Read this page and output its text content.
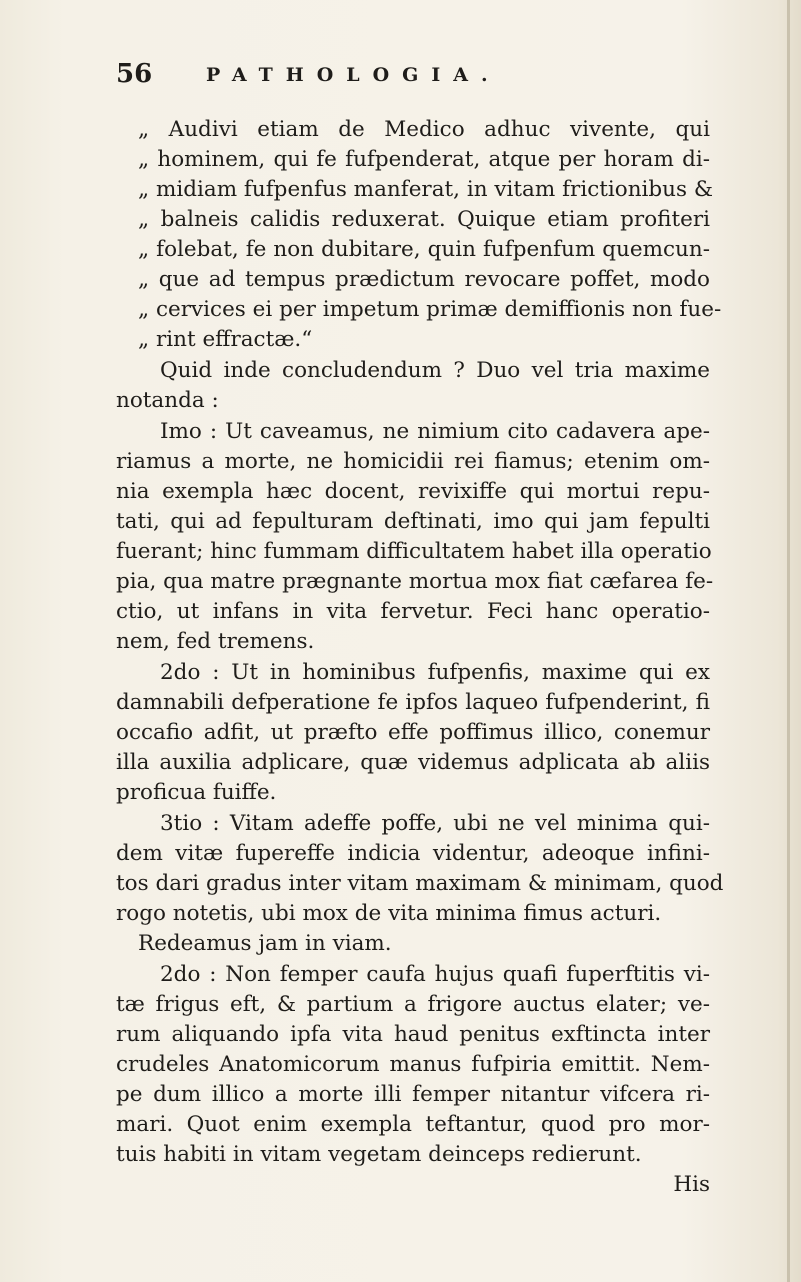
56	PATHOLOGIA.
„ Audivi etiam de Medico adhuc vivente, qui
„ hominem, qui fe fufpenderat, atque per horam di-
„ midiam fufpenfus manferat, in vitam frictionibus &
„ balneis calidis reduxerat. Quique etiam profiteri
„ folebat, fe non dubitare, quin fufpenfum quemcun-
„ que ad tempus prædictum revocare poffet, modo
„ cervices ei per impetum primæ demiffionis non fue-
„ rint effractæ.“
Quid inde concludendum ? Duo vel tria maxime
notanda :
Imo : Ut caveamus, ne nimium cito cadavera ape-
riamus a morte, ne homicidii rei fiamus; etenim om-
nia exempla hæc docent, revixiffe qui mortui repu-
tati, qui ad fepulturam deftinati, imo qui jam fepulti
fuerant; hinc fummam difficultatem habet illa operatio
pia, qua matre prægnante mortua mox fiat cæfarea fe-
ctio, ut infans in vita fervetur. Feci hanc operatio-
nem, fed tremens.
2do : Ut in hominibus fufpenfis, maxime qui ex
damnabili defperatione fe ipfos laqueo fufpenderint, fi
occafio adfit, ut præfto effe poffimus illico, conemur
illa auxilia adplicare, quæ videmus adplicata ab aliis
proficua fuiffe.
3tio : Vitam adeffe poffe, ubi ne vel minima qui-
dem vitæ fupereffe indicia videntur, adeoque infini-
tos dari gradus inter vitam maximam & minimam, quod
rogo notetis, ubi mox de vita minima fimus acturi.
Redeamus jam in viam.
2do : Non femper caufa hujus quafi fuperftitis vi-
tæ frigus eft, & partium a frigore auctus elater; ve-
rum aliquando ipfa vita haud penitus exftincta inter
crudeles Anatomicorum manus fufpiria emittit. Nem-
pe dum illico a morte illi femper nitantur vifcera ri-
mari. Quot enim exempla teftantur, quod pro mor-
tuis habiti in vitam vegetam deinceps redierunt.
His
